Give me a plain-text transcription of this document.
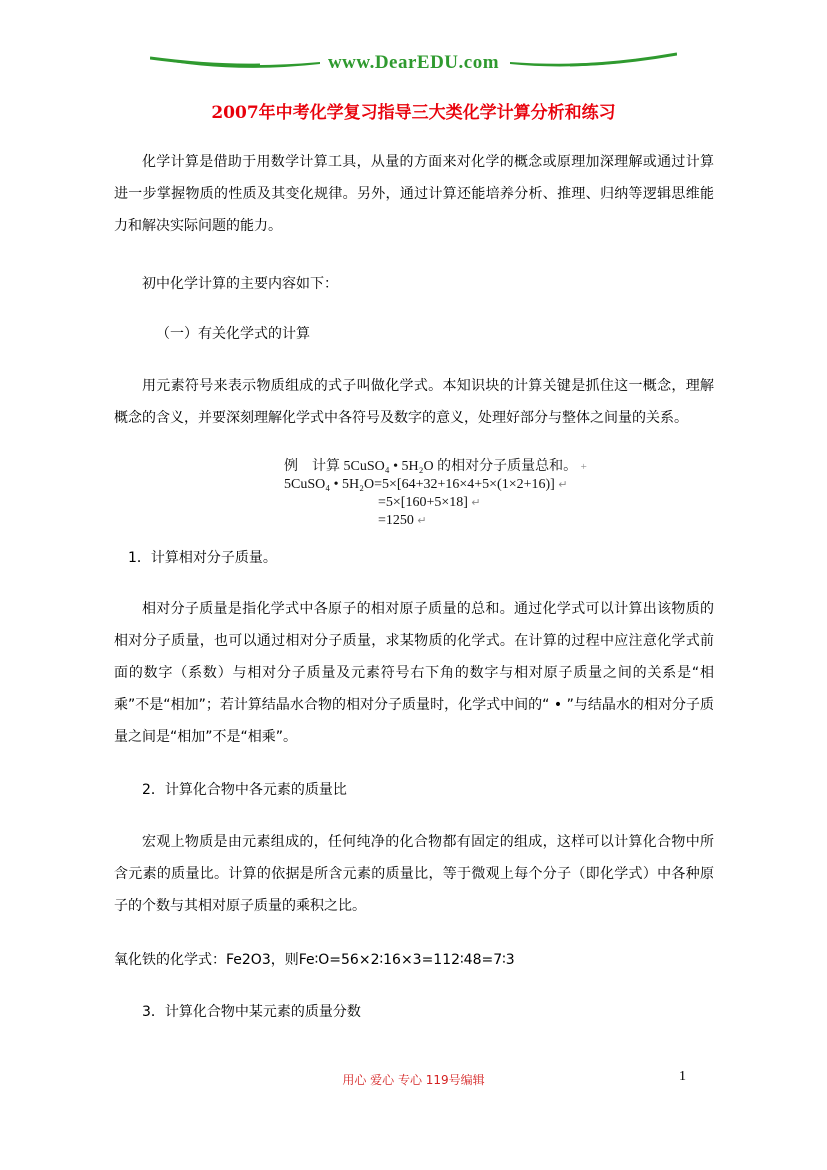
www.DearEDU.com
2007年中考化学复习指导三大类化学计算分析和练习

化学计算是借助于用数学计算工具，从量的方面来对化学的概念或原理加深理解或通过计算进一步掌握物质的性质及其变化规律。另外，通过计算还能培养分析、推理、归纳等逻辑思维能力和解决实际问题的能力。

初中化学计算的主要内容如下：

（一）有关化学式的计算

用元素符号来表示物质组成的式子叫做化学式。本知识块的计算关键是抓住这一概念，理解概念的含义，并要深刻理解化学式中各符号及数字的意义，处理好部分与整体之间量的关系。

例　计算 5CuSO₄ • 5H₂O 的相对分子质量总和。 +
5CuSO₄ • 5H₂O=5×[64+32+16×4+5×(1×2+16)] ↵
=5×[160+5×18] ↵
=1250 ↵

1．计算相对分子质量。

相对分子质量是指化学式中各原子的相对原子质量的总和。通过化学式可以计算出该物质的相对分子质量，也可以通过相对分子质量，求某物质的化学式。在计算的过程中应注意化学式前面的数字（系数）与相对分子质量及元素符号右下角的数字与相对原子质量之间的关系是“相乘”不是“相加”；若计算结晶水合物的相对分子质量时，化学式中间的“ • ”与结晶水的相对分子质量之间是“相加”不是“相乘”。

2．计算化合物中各元素的质量比

宏观上物质是由元素组成的，任何纯净的化合物都有固定的组成，这样可以计算化合物中所含元素的质量比。计算的依据是所含元素的质量比，等于微观上每个分子（即化学式）中各种原子的个数与其相对原子质量的乘积之比。

氧化铁的化学式：Fe2O3，则Fe∶O=56×2∶16×3=112∶48=7∶3

3．计算化合物中某元素的质量分数

用心 爱心 专心 119号编辑	1
